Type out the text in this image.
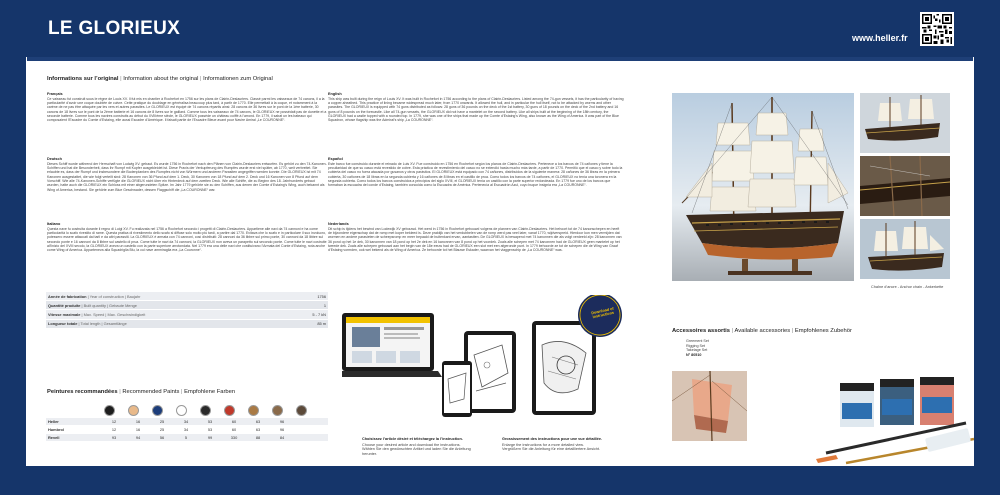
LE GLORIEUX	www.heller.fr
Informations sur l’original | Information about the original | Informationen zum Original
Français
Ce vaisseau fut construit sous le règne de Louis XV. Il fut mis en chantier à Rochefort en 1756 sur les plans de Clairin-Deslauriers. Classé parmi les vaisseaux de 74 canons, il a la particularité d’avoir une coque doublée de cuivre. Cette pratique du doublage en généralisa beaucoup plus tard, à partir de 1770. Elle permettait à la coque, et notamment à la carène de ne pas être attaquée par les vers et autres parasites. Le GLORIEUX est équipé de 74 canons répartis ainsi: 28 canons de 36 livres sur le pont de la 1ère batterie, 30 canons de 18 livres sur le pont de la 2ème batterie et 16 canons de 8 livres sur le gaillard. Comme tous les vaisseaux de 74 canons, le GLORIEUX ne possédait pas de dunette et a seconde batterie. Comme tous les navires construits au début du XVIIIème siècle, le GLORIEUX possède un château coiffé à l’arrond. En 1779, il sabat un les bateaux qui composaient l’Escadre du Comte d’Estaing, elle aussi Escadre d’Amérique. Il faisait partie de l’Escadre Bleue avant pour Navire Amiral „Le COURONNE“.
Deutsch
Dieses Schiff wurde während der Herrschaft von Ludwig XV. gebaut. Es wurde 1756 in Rochefort nach den Plänen von Clairin-Deslauriers entwurfen. Es gehört zu den 74-Kanonen-Schiffen und hat die Besonderheit, dass ihr Rumpf mit Kupfer ausgekleidet ist. Diese Praxis der Verkupferung des Rumpfes wurde erst viel später, ab 1770, weit verbreitet. Sie erlaubte es, dass der Rumpf und insbesondere die Bodenplanken des Rumpfes nicht von Würmern und anderen Parasiten angegriffen werden konnte. Die GLORIEUX ist mit 74 Kanonen ausgestattet, die wie folgt verteilt sind: 28 Kanonen von 36 Pfund auf dem 1. Deck, 30 Kanonen von 18 Pfund auf dem 2. Deck und 16 Kanonen von 8 Pfund auf dem Vorschiff. Wie alle 74-Kanonen-Schiffe verfügte die GLORIEUX nicht über ein Hinterdeck auf dem zweiten Deck. Wie alle Schiffe, die zu Beginn des 18. Jahrhunderts gebaut wurden, hatte auch die GLORIEUX ein Schloss mit einer abgerundeten Spitze. Im Jahr 1779 gehörte sie zu den Schiffen, aus denen der Comte d’Estaing’s Wing, auch bekannt als Wing of America, bestand. Sie gehörte zum Blue Geschwader, dessen Flaggschiff die „La COURONNE“ war.
Italiano
Questa nave fu costruita durante il regno di Luigi XV. Fu realizzata nel 1756 a Rochefort secondo i progetti di Clairin-Deslauriers. Appartiene alle navi da 74 cannoni e ha come particolarità lo scafo rivestito di rame. Questa pratica di rivestimento dello scafo si diffuse solo molto più tardi, a partire dal 1770. Evitava che lo scafo e in particolare il suo involucro, potessero essere attaccati dai tarli e da altri parassiti. La GLORIEUX è armata con 74 cannoni, così distribuiti: 28 cannoni da 36 libbre sul primo ponte, 30 cannoni da 18 libbre sul secondo ponte e 16 cannoni da 8 libbre sul castello di prua. Come tutte le navi da 74 cannoni, la GLORIEUX non aveva un parapetto sul secondo ponte. Come tutte le navi costruite all’inizio del XVIII secolo, la GLORIEUX aveva un castello con la parte superiore arrotondata. Nel 1779 era una delle navi che costituivano l’Armata del Conte d’Estaing, nota anche come Wing of America. Apparteneva alla Squadriglia Blu, la cui nave ammiraglia era „La Couronne“.
English
This ship was built during the reign of Louis XV. It was built in Rochefort in 1756 according to the plans of Clairin-Deslauriers. Listed among the 74-gun vessels, it has the particularity of having a copper-sheathed. This practice of lining became widespread much later, from 1770 onwards. It allowed the hull, and in particular the hull itself, not to be attacked by worms and other parasites. The GLORIEUX is equipped with 74 guns distributed as follows: 28 guns of 36 pounds on the deck of the 1st battery, 30 guns of 18 pounds on the deck of the 2nd battery and 16 guns of 8 pounds on the forecastle. Like all 74-gun vessels, the GLORIEUX did not have a mantelet on the second battery. Like all ships built at the beginning of the 18th century, the GLORIEUX had a castle topped with a rounded top. In 1779, she was one of the ships that made up the Comte d’Estaing’s Wing, also known as the Wing of America. It was part of the Blue Squadron, whose flagship was the Admiral’s ship „La COURONNE“.
Español
Este barco fue construido durante el reinado de Luis XV. Fue construido en 1756 en Rochefort según los planos de Clairin-Deslauriers. Pertenece a los barcos de 74 cañones y tiene la peculiaridad de que su casco está revestido de cobre. Esta práctica de revestimiento del casco no se extendió hasta mucho más tarde, a partir de 1770. Permitió que el casco y sobre todo la cubierta del casco no fuera atacada por gusanos y otros parásitos. El GLORIEUX está equipado con 74 cañones, distribuidos de la siguiente manera: 28 cañones de 36 libras en la primera cubierta, 30 cañones de 18 libras en la segunda cubierta y 16 cañones de 8 libras en el castillo de proa. Como todos los barcos de 74 cañones, el GLORIEUX no tenía una toronera en la segunda cubierta. Como todos los barcos construidos a principios del siglo XVIII, el GLORIEUX tenía un castillo con la parte superior redondeada. En 1779 fue uno de los barcos que formaban la escuadra del conde d’Estaing, también conocida como la Escuadra de América. Pertenecía al Escuadrón Azul, cuyo buque insignia era „La COURONNE“.
Nederlands
Dit schip is tijdens het bewind van Lodewijk XV gebouwd. Het werd in 1756 in Rochefort gebouwd volgens de plannen van Clairin-Deslauriers. Het behoort tot de 74 kanonschepen en heeft de bijzondere eigenschap dat de romp met koper bekleed is. Deze praktijk van het verdubbelen van de romp werd pas veel later, vanaf 1770, wijdverspreid. Hierdoor kon men vermijden dat wormen en andere parasieten de scheepsromp en meer bepaald de buitenkant ervan, aantastten. De GLORIEUX is bewapend met 74 kanonnen die als volgt verdeeld zijn: 28 kanonnen van 36 pond op het 1e dek, 30 kanonnen van 18 pond op het 2e dek en 16 kanonnen van 8 pond op het voordek. Zoals alle schepen met 74 kanonnen had de GLORIEUX geen mantelet op het tweede dek. Zoals alle schepen gebouwd aan het begin van de 18e eeuw had de GLORIEUX een slot met een afgeronde punt. In 1779 behoorde ze tot de schepen die de Wing van Graaf d’Estaing vormden, ook wel bekend als de Wing of America. Ze behoorde tot het Blauwe Eskader, waarvan het vlaggenschip de „La COURONNE“ was.
Année de fabrication | Year of construction | Baujahr	1756
Quantité produite | Built quantity | Gebaute Menge	1
Vitesse maximale | Max. Speed | Max. Geschwindigkeit	5 - 7 kN
Longueur totale | Total length | Gesamtlänge	85 m
Peintures recommandées | Recommended Paints | Empfohlene Farben
Heller	12	16	25	34	53	60	63	96
Humbrol	12	16	25	34	53	60	63	96
Revell	93	94	56	5	99	330	88	84
Download of instructions
Choisissez l’article désiré et téléchargez la l’instruction.
Choose your desired article and download the instructions.
Wählen Sie den gewünschten Artikel und laden Sie die Anleitung herunter.
Grossissement des instructions pour une vue détaillée.
Enlarge the instructions for a more detailed view.
Vergrößern Sie die Anleitung für eine detailliertere Ansicht.
Chaîne d’ancre - Anchor chain - Ankerkette
Accessoires assortis | Available accessories | Empfohlenes Zubehör
Greement Set
Rigging Set
Takelage Set
N° 80510
